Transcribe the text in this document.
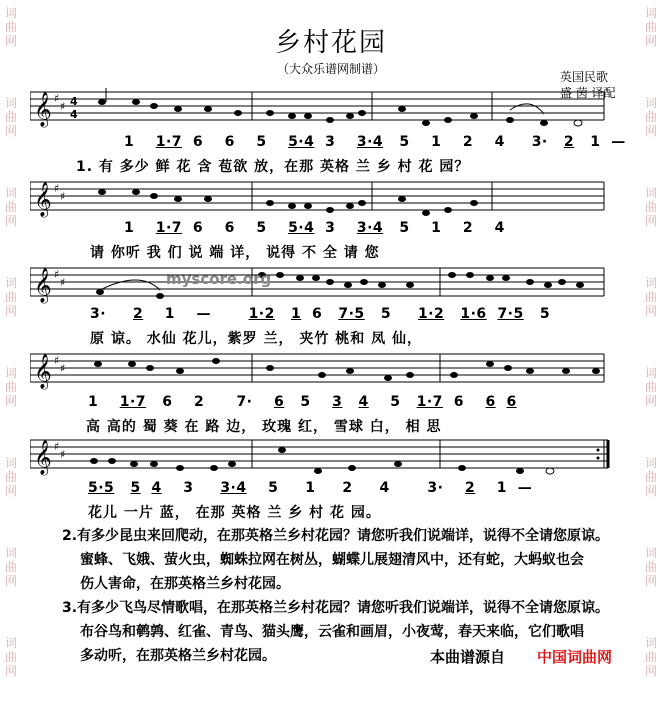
词
曲
网
词
曲
网
词
曲
网
词
曲
网
词
曲
网
词
曲
网
词
曲
网
词
曲
网
词
曲
网
词
曲
网
词
曲
网
词
曲
网
词
曲
网
词
曲
网
词
曲
网
词
曲
网
乡村花园
（大众乐谱网制谱）
英国民歌
盛 茵 译配
𝄞 ♯
♯ 4
4
1 1·7 6 6 5 5·4 3 3·4 5 1 2 4 3· 2 1 —
1. 有 多少 鲜 花 含 苞欲 放，在那 英格 兰 乡 村 花 园？
𝄞 ♯
♯
1 1·7 6 6 5 5·4 3 3·4 5 1 2 4
请 你听 我 们 说 端 详， 说得 不 全 请 您
𝄞 ♯
♯	myscore.org
3· 2 1 —	1·2 1 6 7·5 5 1·2 1·6 7·5 5
原 谅。 水仙 花儿，紫罗 兰， 夹竹 桃和 凤 仙，
𝄞 ♯
♯
1 1·7 6 2 7· 6 5 3 4 5 1·7 6 6 6
高 高的 蜀 葵 在 路 边， 玫瑰 红， 雪球 白， 相 思
𝄞 ♯
♯
5·5 5 4 3 3·4 5 1 2 4	3· 2 1 —
花儿 一片 蓝， 在那 英格 兰 乡 村 花 园。
2.有多少昆虫来回爬动，在那英格兰乡村花园？请您听我们说端详，说得不全请您原谅。
蜜蜂、飞娥、萤火虫，蜘蛛拉网在树丛，蝴蝶儿展翅清风中，还有蛇，大蚂蚁也会
伤人害命，在那英格兰乡村花园。
3.有多少飞鸟尽情歌唱，在那英格兰乡村花园？请您听我们说端详，说得不全请您原谅。
布谷鸟和鹌鹑、红雀、青鸟、猫头鹰，云雀和画眉，小夜莺，春天来临，它们歌唱
多动听，在那英格兰乡村花园。	本曲谱源自 中国词曲网
